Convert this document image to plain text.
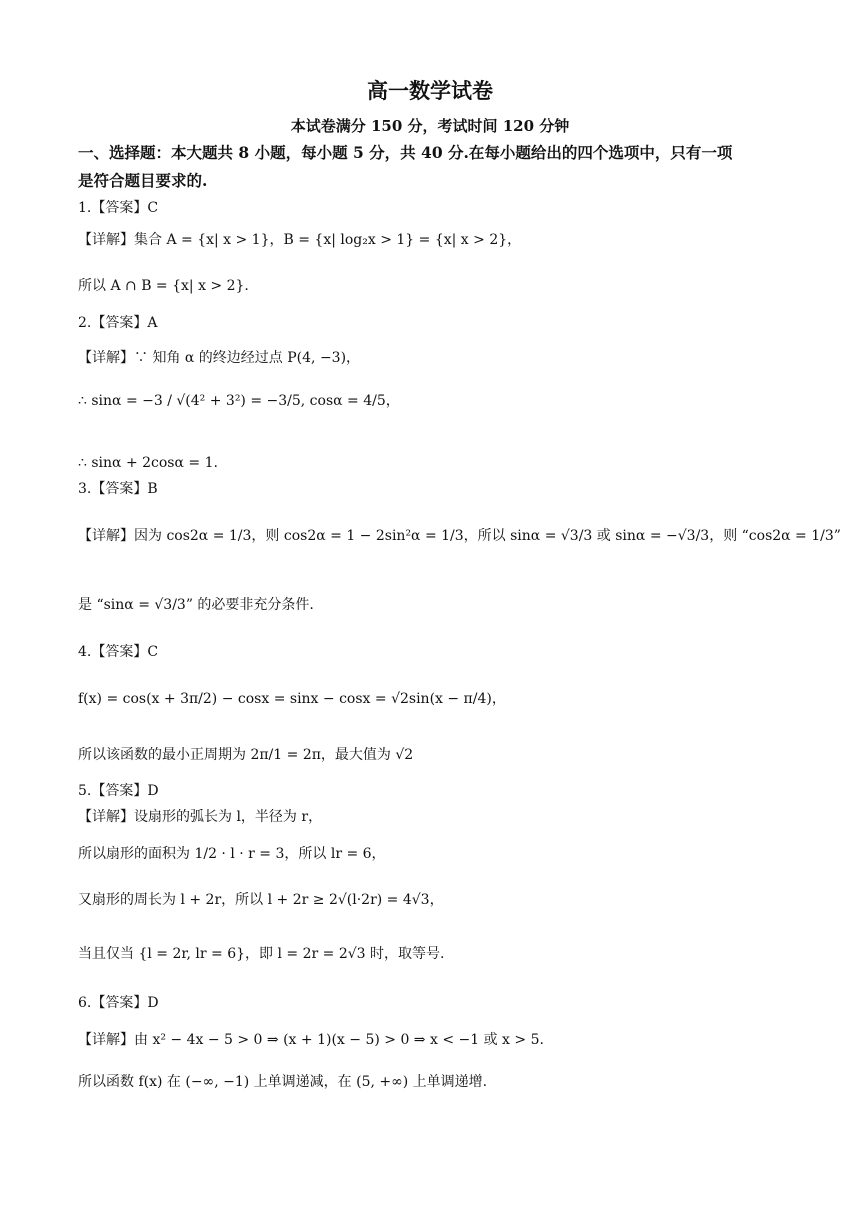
高一数学试卷
本试卷满分 150 分，考试时间 120 分钟
一、选择题：本大题共 8 小题，每小题 5 分，共 40 分.在每小题给出的四个选项中，只有一项
是符合题目要求的.
1.【答案】C
【详解】集合 A = {x| x > 1}，B = {x| log₂x > 1} = {x| x > 2}，
所以 A ∩ B = {x| x > 2}.
2.【答案】A
【详解】∵ 知角 α 的终边经过点 P(4, −3)，
∴ sinα = −3 / √(4² + 3²) = −3/5, cosα = 4/5，
∴ sinα + 2cosα = 1.
3.【答案】B
【详解】因为 cos2α = 1/3，则 cos2α = 1 − 2sin²α = 1/3，所以 sinα = √3/3 或 sinα = −√3/3，则 “cos2α = 1/3”
是 “sinα = √3/3” 的必要非充分条件.
4.【答案】C
f(x) = cos(x + 3π/2) − cosx = sinx − cosx = √2sin(x − π/4)，
所以该函数的最小正周期为 2π/1 = 2π，最大值为 √2
5.【答案】D
【详解】设扇形的弧长为 l，半径为 r，
所以扇形的面积为 1/2 · l · r = 3，所以 lr = 6，
又扇形的周长为 l + 2r，所以 l + 2r ≥ 2√(l·2r) = 4√3，
当且仅当 {l = 2r, lr = 6}，即 l = 2r = 2√3 时，取等号.
6.【答案】D
【详解】由 x² − 4x − 5 > 0 ⇒ (x + 1)(x − 5) > 0 ⇒ x < −1 或 x > 5.
所以函数 f(x) 在 (−∞, −1) 上单调递减，在 (5, +∞) 上单调递增.
